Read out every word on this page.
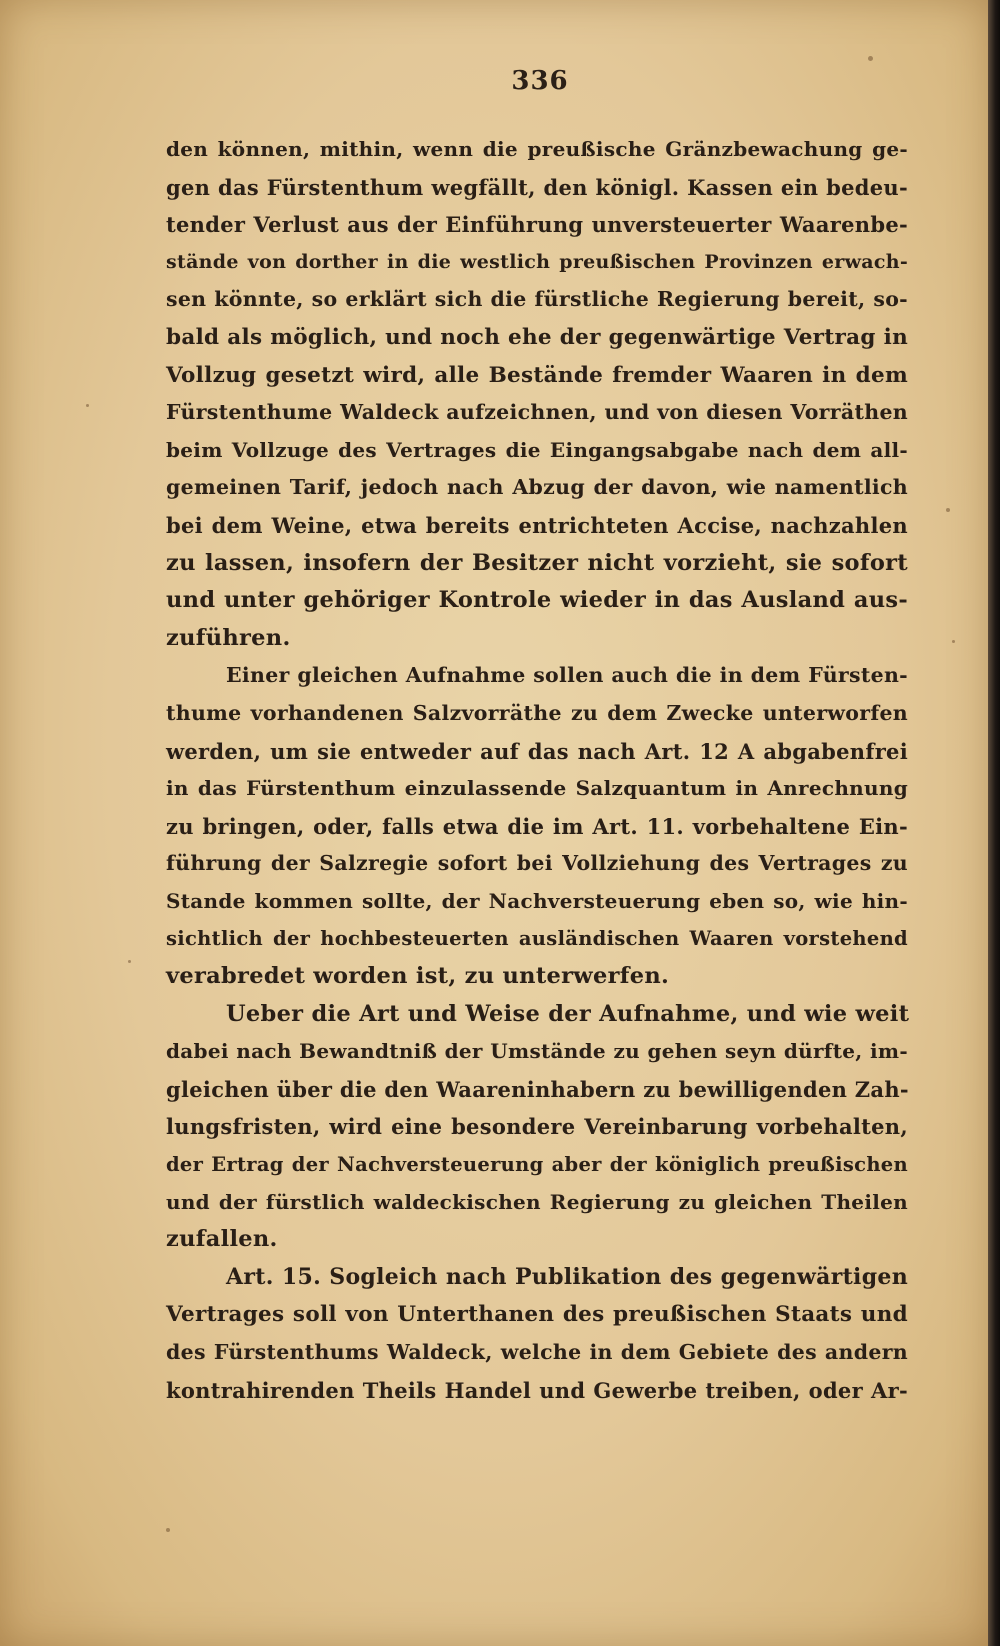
336
den können, mithin, wenn die preußische Gränzbewachung ge-
gen das Fürstenthum wegfällt, den königl. Kassen ein bedeu-
tender Verlust aus der Einführung unversteuerter Waarenbe-
stände von dorther in die westlich preußischen Provinzen erwach-
sen könnte, so erklärt sich die fürstliche Regierung bereit, so-
bald als möglich, und noch ehe der gegenwärtige Vertrag in
Vollzug gesetzt wird, alle Bestände fremder Waaren in dem
Fürstenthume Waldeck aufzeichnen, und von diesen Vorräthen
beim Vollzuge des Vertrages die Eingangsabgabe nach dem all-
gemeinen Tarif, jedoch nach Abzug der davon, wie namentlich
bei dem Weine, etwa bereits entrichteten Accise, nachzahlen
zu lassen, insofern der Besitzer nicht vorzieht, sie sofort
und unter gehöriger Kontrole wieder in das Ausland aus-
zuführen.
Einer gleichen Aufnahme sollen auch die in dem Fürsten-
thume vorhandenen Salzvorräthe zu dem Zwecke unterworfen
werden, um sie entweder auf das nach Art. 12 A abgabenfrei
in das Fürstenthum einzulassende Salzquantum in Anrechnung
zu bringen, oder, falls etwa die im Art. 11. vorbehaltene Ein-
führung der Salzregie sofort bei Vollziehung des Vertrages zu
Stande kommen sollte, der Nachversteuerung eben so, wie hin-
sichtlich der hochbesteuerten ausländischen Waaren vorstehend
verabredet worden ist, zu unterwerfen.
Ueber die Art und Weise der Aufnahme, und wie weit
dabei nach Bewandtniß der Umstände zu gehen seyn dürfte, im-
gleichen über die den Waareninhabern zu bewilligenden Zah-
lungsfristen, wird eine besondere Vereinbarung vorbehalten,
der Ertrag der Nachversteuerung aber der königlich preußischen
und der fürstlich waldeckischen Regierung zu gleichen Theilen
zufallen.
Art. 15. Sogleich nach Publikation des gegenwärtigen
Vertrages soll von Unterthanen des preußischen Staats und
des Fürstenthums Waldeck, welche in dem Gebiete des andern
kontrahirenden Theils Handel und Gewerbe treiben, oder Ar-
